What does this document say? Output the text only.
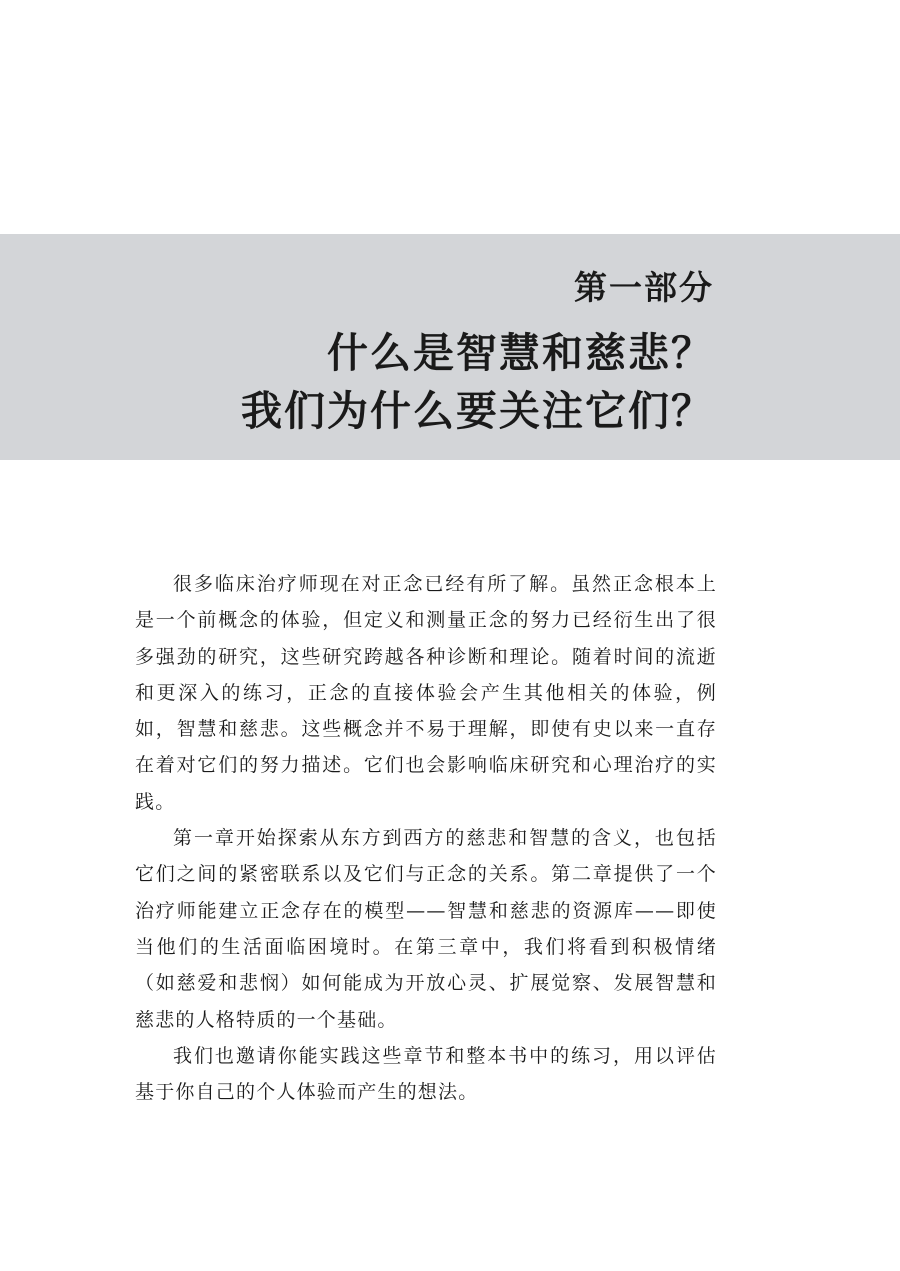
第一部分
什么是智慧和慈悲？
我们为什么要关注它们？

很多临床治疗师现在对正念已经有所了解。虽然正念根本上是一个前概念的体验，但定义和测量正念的努力已经衍生出了很多强劲的研究，这些研究跨越各种诊断和理论。随着时间的流逝和更深入的练习，正念的直接体验会产生其他相关的体验，例如，智慧和慈悲。这些概念并不易于理解，即使有史以来一直存在着对它们的努力描述。它们也会影响临床研究和心理治疗的实践。

第一章开始探索从东方到西方的慈悲和智慧的含义，也包括它们之间的紧密联系以及它们与正念的关系。第二章提供了一个治疗师能建立正念存在的模型——智慧和慈悲的资源库——即使当他们的生活面临困境时。在第三章中，我们将看到积极情绪（如慈爱和悲悯）如何能成为开放心灵、扩展觉察、发展智慧和慈悲的人格特质的一个基础。

我们也邀请你能实践这些章节和整本书中的练习，用以评估基于你自己的个人体验而产生的想法。
